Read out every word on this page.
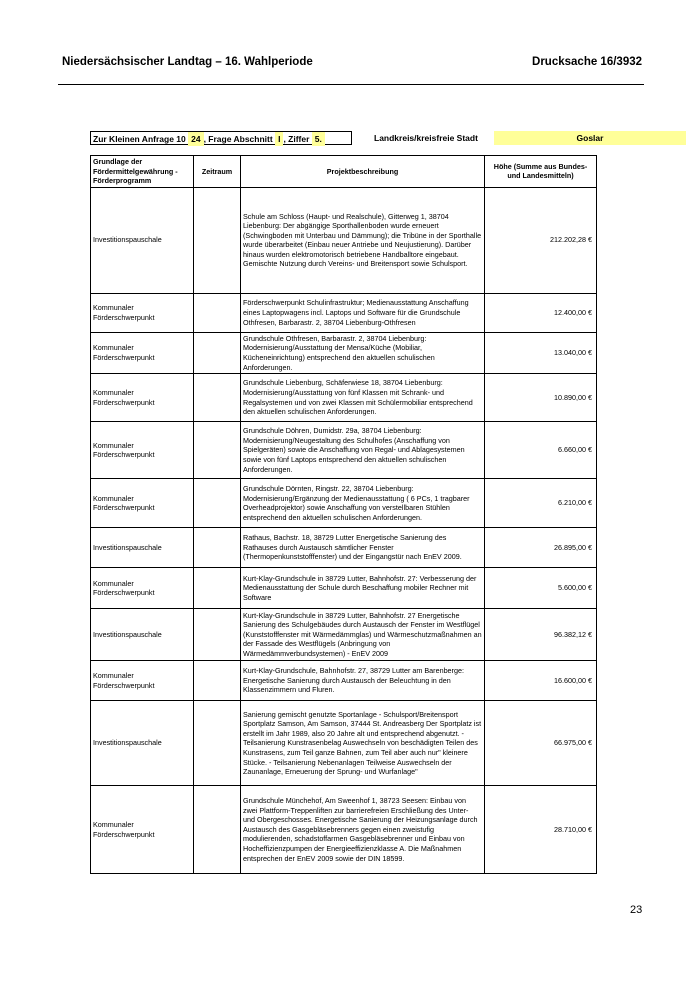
Niedersächsischer Landtag – 16. Wahlperiode	Drucksache 16/3932
Zur Kleinen Anfrage 10 24 , Frage Abschnitt I , Ziffer 5.	Landkreis/kreisfreie Stadt	Goslar
Grundlage der Fördermittelgewährung - Förderprogramm	Zeitraum	Projektbeschreibung	Höhe (Summe aus Bundes- und Landesmitteln)
Investitionspauschale		Schule am Schloss (Haupt- und Realschule), Gitterweg 1, 38704 Liebenburg: Der abgängige Sporthallenboden wurde erneuert (Schwingboden mit Unterbau und Dämmung); die Tribüne in der Sporthalle wurde überarbeitet (Einbau neuer Antriebe und Neujustierung). Darüber hinaus wurden elektromotorisch betriebene Handballtore eingebaut. Gemischte Nutzung durch Vereins- und Breitensport sowie Schulsport.	212.202,28 €
Kommunaler Förderschwerpunkt		Förderschwerpunkt Schulinfrastruktur; Medienausstattung Anschaffung eines Laptopwagens incl. Laptops und Software für die Grundschule Othfresen, Barbarastr. 2, 38704 Liebenburg-Othfresen	12.400,00 €
Kommunaler Förderschwerpunkt		Grundschule Othfresen, Barbarastr. 2, 38704 Liebenburg: Modernisierung/Ausstattung der Mensa/Küche (Mobiliar, Kücheneinrichtung) entsprechend den aktuellen schulischen Anforderungen.	13.040,00 €
Kommunaler Förderschwerpunkt		Grundschule Liebenburg, Schäferwiese 18, 38704 Liebenburg: Modernisierung/Ausstattung von fünf Klassen mit Schrank- und Regalsystemen und von zwei Klassen mit Schülermobiliar entsprechend den aktuellen schulischen Anforderungen.	10.890,00 €
Kommunaler Förderschwerpunkt		Grundschule Döhren, Dumidstr. 29a, 38704 Liebenburg: Modernisierung/Neugestaltung des Schulhofes (Anschaffung von Spielgeräten) sowie die Anschaffung von Regal- und Ablagesystemen sowie von fünf Laptops entsprechend den aktuellen schulischen Anforderungen.	6.660,00 €
Kommunaler Förderschwerpunkt		Grundschule Dörnten, Ringstr. 22, 38704 Liebenburg: Modernisierung/Ergänzung der Medienausstattung ( 6 PCs, 1 tragbarer Overheadprojektor) sowie Anschaffung von verstellbaren Stühlen entsprechend den aktuellen schulischen Anforderungen.	6.210,00 €
Investitionspauschale		Rathaus, Bachstr. 18, 38729 Lutter Energetische Sanierung des Rathauses durch Austausch sämtlicher Fenster (Thermopenkunststofffenster) und der Eingangstür nach EnEV 2009.	26.895,00 €
Kommunaler Förderschwerpunkt		Kurt-Klay-Grundschule in 38729 Lutter, Bahnhofstr. 27: Verbesserung der Medienausstattung der Schule durch Beschaffung mobiler Rechner mit Software	5.600,00 €
Investitionspauschale		Kurt-Klay-Grundschule in 38729 Lutter, Bahnhofstr. 27 Energetische Sanierung des Schulgebäudes durch Austausch der Fenster im Westflügel (Kunststofffenster mit Wärmedämmglas) und Wärmeschutzmaßnahmen an der Fassade des Westflügels (Anbringung von Wärmedämmverbundsystemen) - EnEV 2009	96.382,12 €
Kommunaler Förderschwerpunkt		Kurt-Klay-Grundschule, Bahnhofstr. 27, 38729 Lutter am Barenberge: Energetische Sanierung durch Austausch der Beleuchtung in den Klassenzimmern und Fluren.	16.600,00 €
Investitionspauschale		Sanierung gemischt genutzte Sportanlage - Schulsport/Breitensport Sportplatz Samson, Am Samson, 37444 St. Andreasberg Der Sportplatz ist erstellt im Jahr 1989, also 20 Jahre alt und entsprechend abgenutzt. - Teilsanierung Kunstrasenbelag Auswechseln von beschädigten Teilen des Kunstrasens, zum Teil ganze Bahnen, zum Teil aber auch nur" kleinere Stücke. - Teilsanierung Nebenanlagen Teilweise Auswechseln der Zaunanlage, Erneuerung der Sprung- und Wurfanlage"	66.975,00 €
Kommunaler Förderschwerpunkt		Grundschule Münchehof, Am Sweenhof 1, 38723 Seesen: Einbau von zwei Plattform-Treppenliften zur barrierefreien Erschließung des Unter- und Obergeschosses. Energetische Sanierung der Heizungsanlage durch Austausch des Gasgebläsebrenners gegen einen zweistufig modulierenden, schadstoffarmen Gasgebläsebrenner und Einbau von Hocheffizienzpumpen der Energieeffizienzklasse A. Die Maßnahmen entsprechen der EnEV 2009 sowie der DIN 18599.	28.710,00 €
23
